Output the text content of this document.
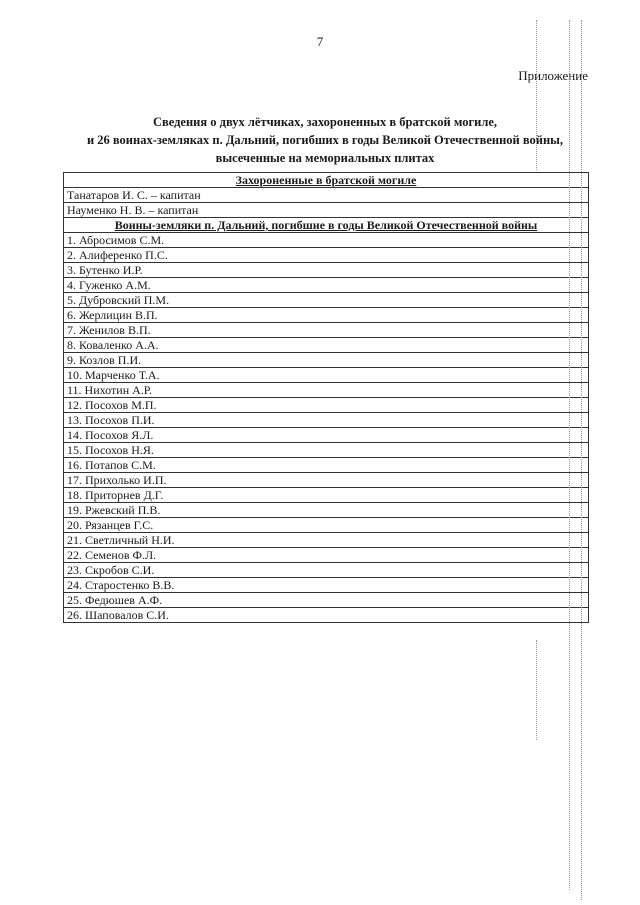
7
Приложение
Сведения о двух лётчиках, захороненных в братской могиле,
и 26 воинах-земляках п. Дальний, погибших в годы Великой Отечественной войны,
высеченные на мемориальных плитах
Захороненные в братской могиле
Танатаров И. С. – капитан
Науменко Н. В. – капитан
Воины-земляки п. Дальний, погибшие в годы Великой Отечественной войны
1. Абросимов С.М.
2. Алиференко П.С.
3. Бутенко И.Р.
4. Гуженко А.М.
5. Дубровский П.М.
6. Жерлицин В.П.
7. Женилов В.П.
8. Коваленко А.А.
9. Козлов П.И.
10. Марченко Т.А.
11. Нихотин А.Р.
12. Посохов М.П.
13. Посохов П.И.
14. Посохов Я.Л.
15. Посохов Н.Я.
16. Потапов С.М.
17. Прихолько И.П.
18. Приторнев Д.Г.
19. Ржевский П.В.
20. Рязанцев Г.С.
21. Светличный Н.И.
22. Семенов Ф.Л.
23. Скробов С.И.
24. Старостенко В.В.
25. Федюшев А.Ф.
26. Шаповалов С.И.
